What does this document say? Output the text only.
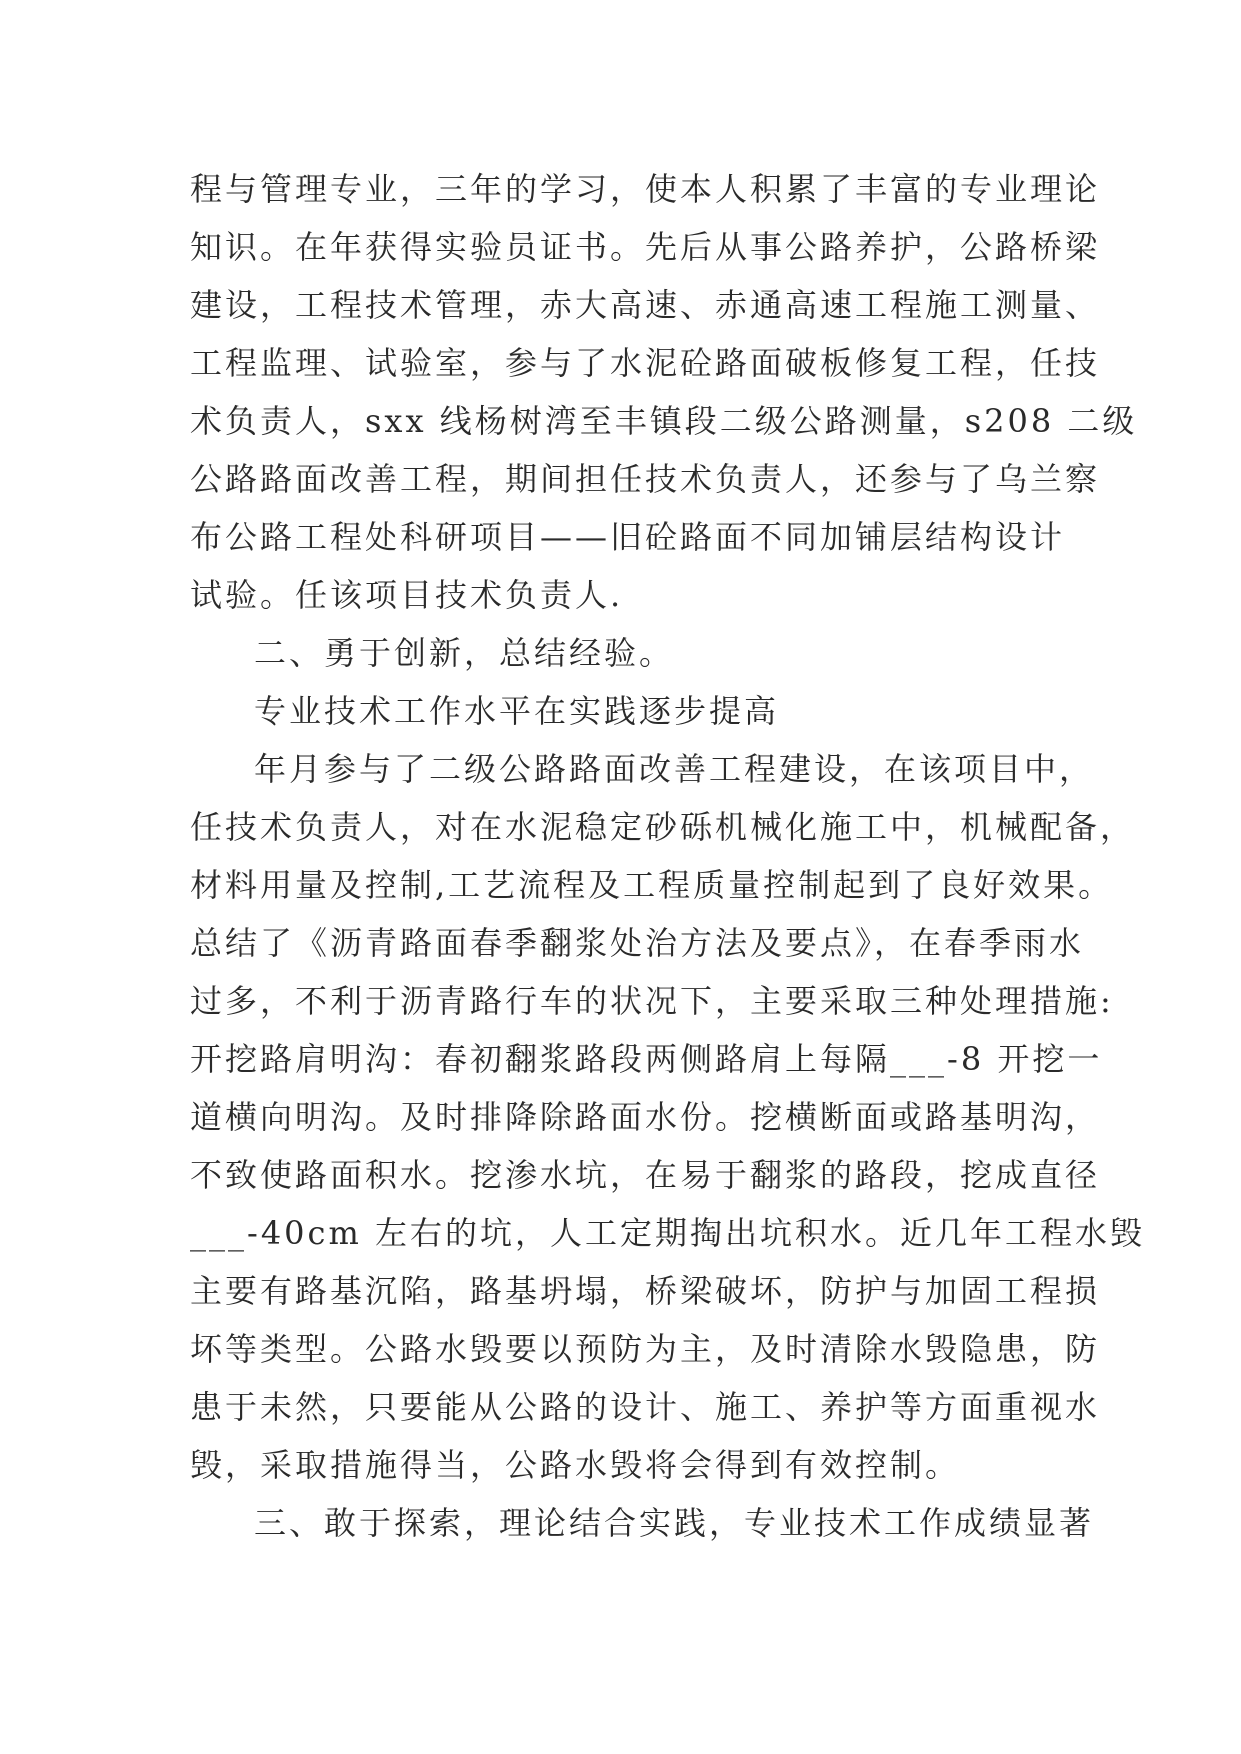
程与管理专业，三年的学习，使本人积累了丰富的专业理论
知识。在年获得实验员证书。先后从事公路养护，公路桥梁
建设，工程技术管理，赤大高速、赤通高速工程施工测量、
工程监理、试验室，参与了水泥砼路面破板修复工程，任技
术负责人，sxx 线杨树湾至丰镇段二级公路测量，s208 二级
公路路面改善工程，期间担任技术负责人，还参与了乌兰察
布公路工程处科研项目——旧砼路面不同加铺层结构设计
试验。任该项目技术负责人.
二、勇于创新，总结经验。
专业技术工作水平在实践逐步提高
年月参与了二级公路路面改善工程建设，在该项目中，
任技术负责人，对在水泥稳定砂砾机械化施工中，机械配备，
材料用量及控制,工艺流程及工程质量控制起到了良好效果。
总结了《沥青路面春季翻浆处治方法及要点》，在春季雨水
过多，不利于沥青路行车的状况下，主要采取三种处理措施:
开挖路肩明沟：春初翻浆路段两侧路肩上每隔___-8 开挖一
道横向明沟。及时排降除路面水份。挖横断面或路基明沟，
不致使路面积水。挖渗水坑，在易于翻浆的路段，挖成直径
___-40cm 左右的坑，人工定期掏出坑积水。近几年工程水毁
主要有路基沉陷，路基坍塌，桥梁破坏，防护与加固工程损
坏等类型。公路水毁要以预防为主，及时清除水毁隐患，防
患于未然，只要能从公路的设计、施工、养护等方面重视水
毁，采取措施得当，公路水毁将会得到有效控制。
三、敢于探索，理论结合实践，专业技术工作成绩显著
